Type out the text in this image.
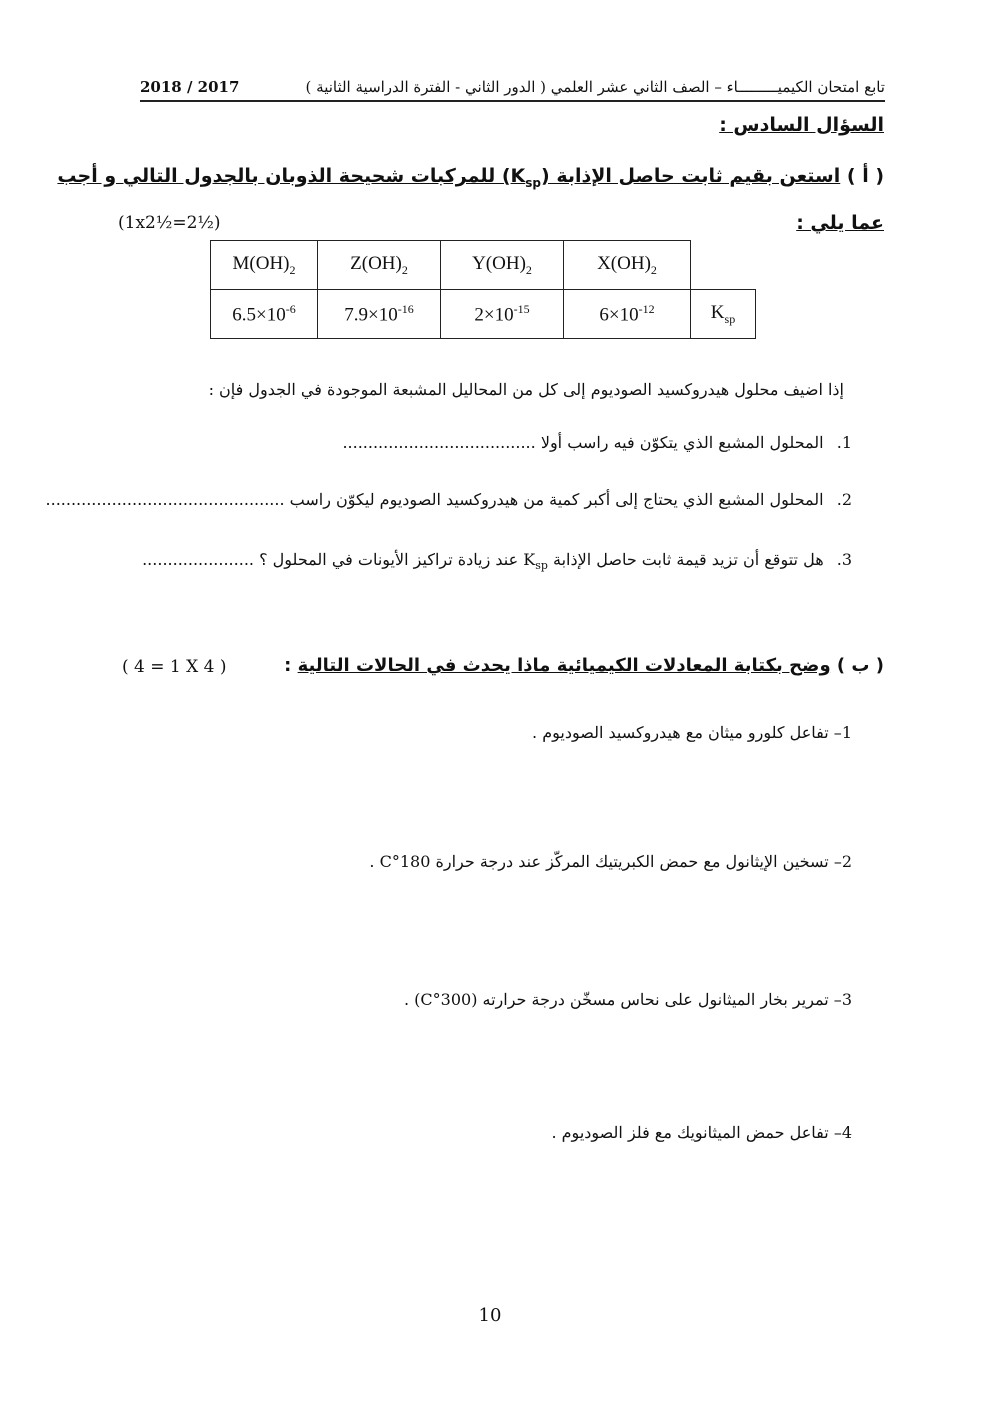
تابع امتحان الكيميـــــــــاء – الصف الثاني عشر العلمي ( الدور الثاني - الفترة الدراسية الثانية )
2018 / 2017
السؤال السادس :
( أ ) استعن بقيم ثابت حاصل الإذابة $(K_{sp})$ للمركبات شحيحة الذوبان بالجدول التالي و أجب
عما يلي :
(1x2½=2½)
$M(OH)_2$	$Z(OH)_2$	$Y(OH)_2$	$X(OH)_2$	
$6.5\times 10^{-6}$	$7.9\times 10^{-16}$	$2\times 10^{-15}$	$6\times 10^{-12}$	$K_{sp}$
إذا اضيف محلول هيدروكسيد الصوديوم إلى كل من المحاليل المشبعة الموجودة في الجدول فإن :
1. المحلول المشبع الذي يتكوّن فيه راسب أولا ......................................
2. المحلول المشبع الذي يحتاج إلى أكبر كمية من هيدروكسيد الصوديوم ليكوّن راسب ...............................................
3. هل تتوقع أن تزيد قيمة ثابت حاصل الإذابة $K_{sp}$ عند زيادة تراكيز الأيونات في المحلول ؟ ......................
( ب ) وضح بكتابة المعادلات الكيميائية ماذا يحدث في الحالات التالية :
( 4 = 1 X 4 )
1– تفاعل كلورو ميثان مع هيدروكسيد الصوديوم .
2– تسخين الإيثانول مع حمض الكبريتيك المركّز عند درجة حرارة 180°C .
3– تمرير بخار الميثانول على نحاس مسخّن درجة حرارته (300°C) .
4– تفاعل حمض الميثانويك مع فلز الصوديوم .
10
